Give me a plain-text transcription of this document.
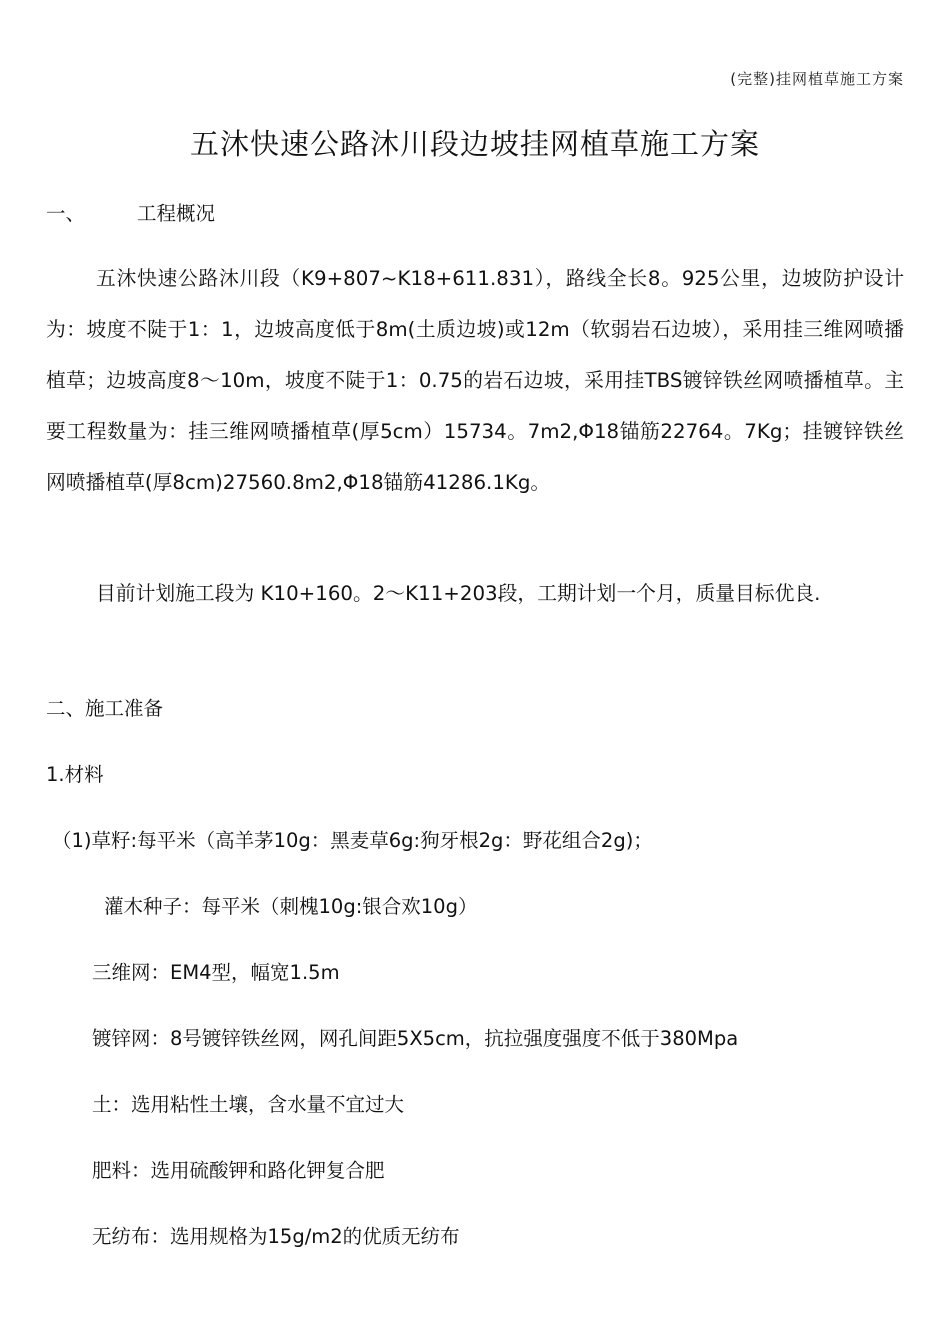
(完整)挂网植草施工方案
五沐快速公路沐川段边坡挂网植草施工方案

一、	工程概况

五沐快速公路沐川段（K9+807~K18+611.831），路线全长8。925公里，边坡防护设计为：坡度不陡于1：1，边坡高度低于8m(土质边坡)或12m（软弱岩石边坡），采用挂三维网喷播植草；边坡高度8～10m，坡度不陡于1：0.75的岩石边坡，采用挂TBS镀锌铁丝网喷播植草。主要工程数量为：挂三维网喷播植草(厚5cm）15734。7m2,Φ18锚筋22764。7Kg；挂镀锌铁丝网喷播植草(厚8cm)27560.8m2,Φ18锚筋41286.1Kg。

目前计划施工段为 K10+160。2～K11+203段，工期计划一个月，质量目标优良.

二、施工准备

1.材料

（1)草籽:每平米（高羊茅10g：黑麦草6g:狗牙根2g：野花组合2g)；

灌木种子：每平米（刺槐10g:银合欢10g）

三维网：EM4型，幅宽1.5m

镀锌网：8号镀锌铁丝网，网孔间距5X5cm，抗拉强度强度不低于380Mpa

土：选用粘性土壤，含水量不宜过大

肥料：选用硫酸钾和路化钾复合肥

无纺布：选用规格为15g/m2的优质无纺布
